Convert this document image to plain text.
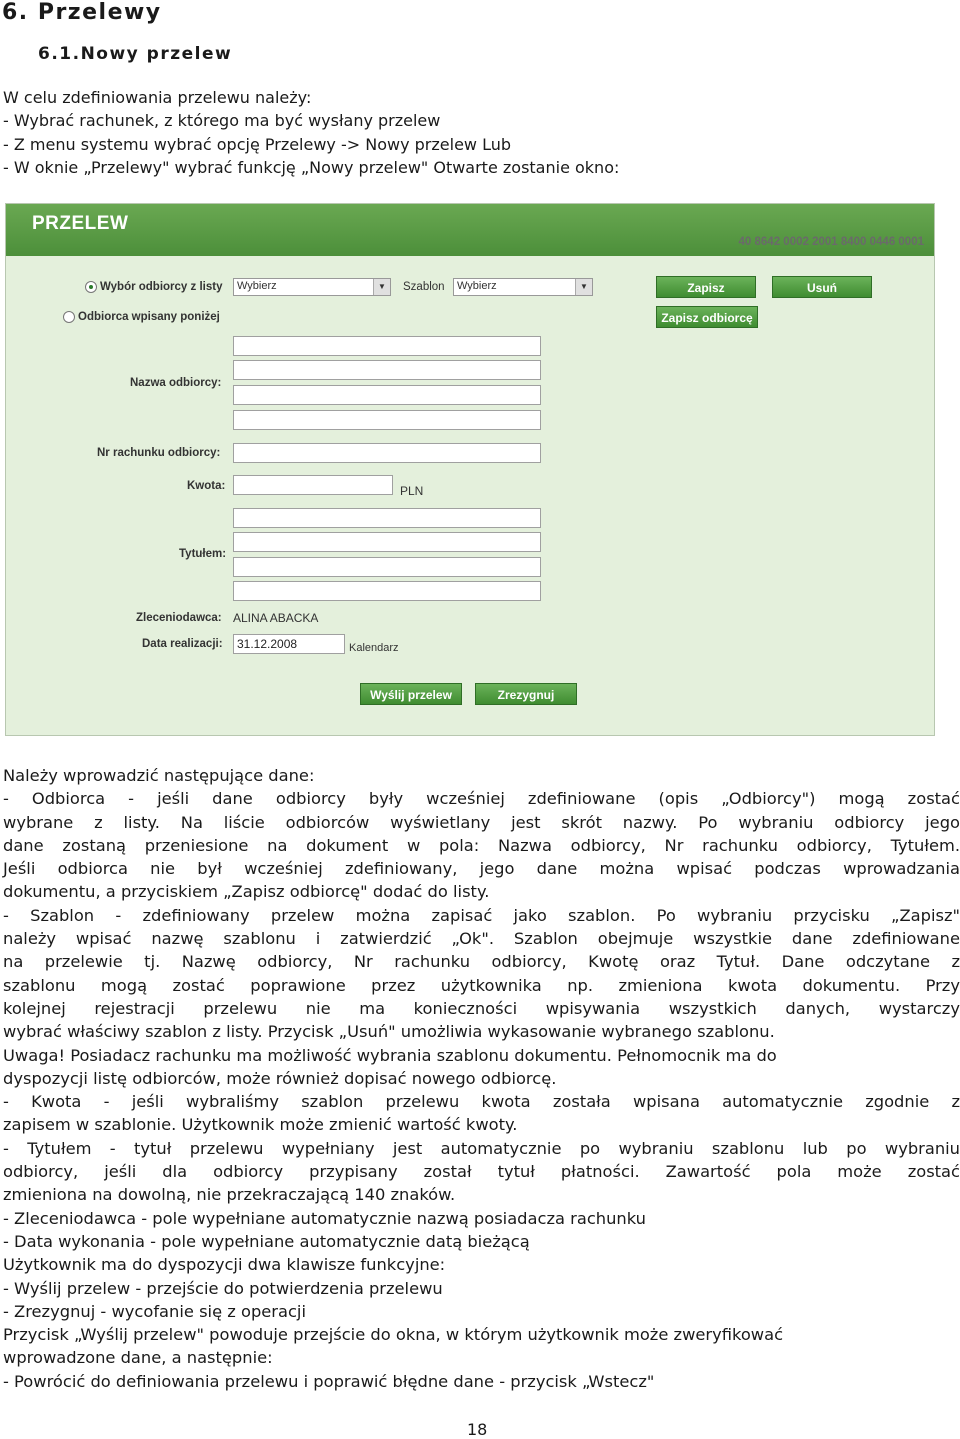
6. Przelewy
6.1.Nowy przelew
W celu zdefiniowania przelewu należy:
- Wybrać rachunek, z którego ma być wysłany przelew
- Z menu systemu wybrać opcję Przelewy -> Nowy przelew Lub
- W oknie „Przelewy" wybrać funkcję „Nowy przelew" Otwarte zostanie okno:
PRZELEW
40 8642 0002 2001 8400 0446 0001
Wybór odbiorcy z listy	Wybierz	▼	Szablon	Wybierz	▼	Zapisz	Usuń
Odbiorca wpisany poniżej	Zapisz odbiorcę
Nazwa odbiorcy:
Nr rachunku odbiorcy:
Kwota:	PLN
Tytułem:
Zleceniodawca: ALINA ABACKA
Data realizacji:
31.12.2008	Kalendarz
Wyślij przelew	Zrezygnuj

Należy wprowadzić następujące dane:

- Odbiorca - jeśli dane odbiorcy były wcześniej zdefiniowane (opis „Odbiorcy") mogą zostać

wybrane z listy. Na liście odbiorców wyświetlany jest skrót nazwy. Po wybraniu odbiorcy jego

dane zostaną przeniesione na dokument w pola: Nazwa odbiorcy, Nr rachunku odbiorcy, Tytułem.

Jeśli odbiorca nie był wcześniej zdefiniowany, jego dane można wpisać podczas wprowadzania

dokumentu, a przyciskiem „Zapisz odbiorcę" dodać do listy.

- Szablon - zdefiniowany przelew można zapisać jako szablon. Po wybraniu przycisku „Zapisz"

należy wpisać nazwę szablonu i zatwierdzić „Ok". Szablon obejmuje wszystkie dane zdefiniowane

na przelewie tj. Nazwę odbiorcy, Nr rachunku odbiorcy, Kwotę oraz Tytuł. Dane odczytane z

szablonu mogą zostać poprawione przez użytkownika np. zmieniona kwota dokumentu. Przy

kolejnej rejestracji przelewu nie ma konieczności wpisywania wszystkich danych, wystarczy

wybrać właściwy szablon z listy. Przycisk „Usuń" umożliwia wykasowanie wybranego szablonu.

Uwaga! Posiadacz rachunku ma możliwość wybrania szablonu dokumentu. Pełnomocnik ma do

dyspozycji listę odbiorców, może również dopisać nowego odbiorcę.

- Kwota - jeśli wybraliśmy szablon przelewu kwota została wpisana automatycznie zgodnie z

zapisem w szablonie. Użytkownik może zmienić wartość kwoty.

- Tytułem - tytuł przelewu wypełniany jest automatycznie po wybraniu szablonu lub po wybraniu

odbiorcy, jeśli dla odbiorcy przypisany został tytuł płatności. Zawartość pola może zostać

zmieniona na dowolną, nie przekraczającą 140 znaków.

- Zleceniodawca - pole wypełniane automatycznie nazwą posiadacza rachunku

- Data wykonania - pole wypełniane automatycznie datą bieżącą

Użytkownik ma do dyspozycji dwa klawisze funkcyjne:

- Wyślij przelew - przejście do potwierdzenia przelewu

- Zrezygnuj - wycofanie się z operacji

Przycisk „Wyślij przelew" powoduje przejście do okna, w którym użytkownik może zweryfikować

wprowadzone dane, a następnie:

- Powrócić do definiowania przelewu i poprawić błędne dane - przycisk „Wstecz"

18
